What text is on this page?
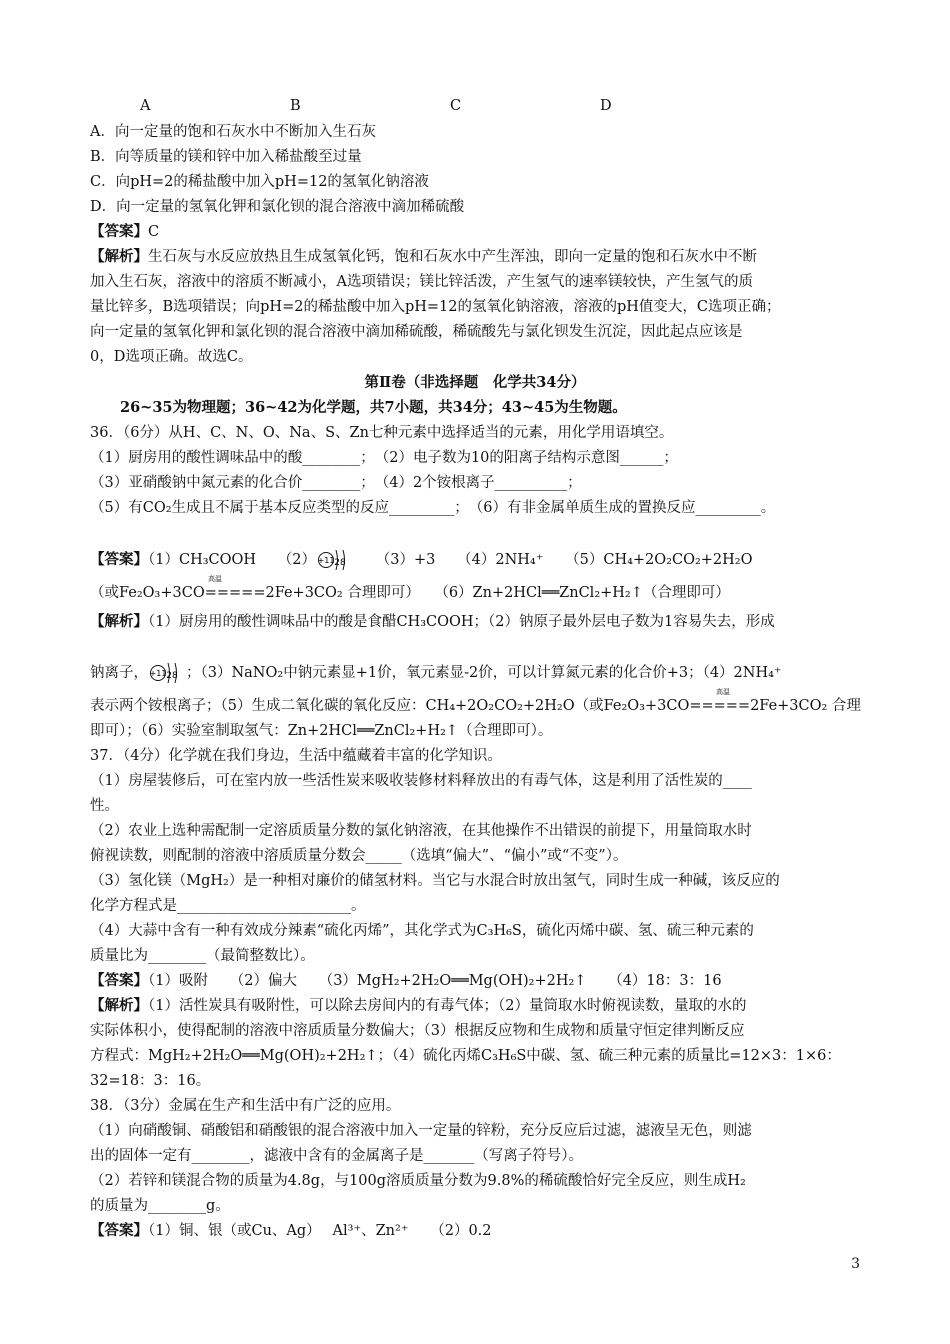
A	B	C	D
A．向一定量的饱和石灰水中不断加入生石灰
B．向等质量的镁和锌中加入稀盐酸至过量
C．向pH=2的稀盐酸中加入pH=12的氢氧化钠溶液
D．向一定量的氢氧化钾和氯化钡的混合溶液中滴加稀硫酸
【答案】C
【解析】生石灰与水反应放热且生成氢氧化钙，饱和石灰水中产生浑浊，即向一定量的饱和石灰水中不断
加入生石灰，溶液中的溶质不断减小，A选项错误；镁比锌活泼，产生氢气的速率镁较快，产生氢气的质
量比锌多，B选项错误；向pH=2的稀盐酸中加入pH=12的氢氧化钠溶液，溶液的pH值变大，C选项正确；
向一定量的氢氧化钾和氯化钡的混合溶液中滴加稀硫酸，稀硫酸先与氯化钡发生沉淀，因此起点应该是
0，D选项正确。故选C。
第Ⅱ卷（非选择题　化学共34分）
26~35为物理题；36~42为化学题，共7小题，共34分；43~45为生物题。
36．（6分）从H、C、N、O、Na、S、Zn七种元素中选择适当的元素，用化学用语填空。
（1）厨房用的酸性调味品中的酸________；　（2）电子数为10的阳离子结构示意图______；
（3）亚硝酸钠中氮元素的化合价________；　（4）2个铵根离子__________；
（5）有CO₂生成且不属于基本反应类型的反应_________；　（6）有非金属单质生成的置换反应_________。
【答案】（1）CH₃COOH　　（2） +11 28 　　（3）+3　　（4）2NH₄⁺　　（5）CH₄+2O₂CO₂+2H₂O
（或Fe₂O₃+3CO=====2Fe+3CO₂ 合理即可）　　（6）Zn+2HCl══ZnCl₂+H₂↑（合理即可）
高温
【解析】（1）厨房用的酸性调味品中的酸是食醋CH₃COOH；（2）钠原子最外层电子数为1容易失去，形成
钠离子， +11 28 ；（3）NaNO₂中钠元素显+1价，氧元素显-2价，可以计算氮元素的化合价+3；（4）2NH₄⁺
表示两个铵根离子；（5）生成二氧化碳的氧化反应：CH₄+2O₂CO₂+2H₂O（或Fe₂O₃+3CO=====2Fe+3CO₂ 合理
高温
即可）；（6）实验室制取氢气：Zn+2HCl══ZnCl₂+H₂↑（合理即可）。
37．（4分）化学就在我们身边，生活中蕴藏着丰富的化学知识。
（1）房屋装修后，可在室内放一些活性炭来吸收装修材料释放出的有毒气体，这是利用了活性炭的____
性。
（2）农业上选种需配制一定溶质质量分数的氯化钠溶液，在其他操作不出错误的前提下，用量筒取水时
俯视读数，则配制的溶液中溶质质量分数会_____（选填“偏大”、“偏小”或“不变”）。
（3）氢化镁（MgH₂）是一种相对廉价的储氢材料。当它与水混合时放出氢气，同时生成一种碱，该反应的
化学方程式是________________________。
（4）大蒜中含有一种有效成分辣素“硫化丙烯”，其化学式为C₃H₆S，硫化丙烯中碳、氢、硫三种元素的
质量比为________（最简整数比）。
【答案】（1）吸附　　（2）偏大　　（3）MgH₂+2H₂O══Mg(OH)₂+2H₂↑　　（4）18：3：16
【解析】（1）活性炭具有吸附性，可以除去房间内的有毒气体；（2）量筒取水时俯视读数，量取的水的
实际体积小，使得配制的溶液中溶质质量分数偏大；（3）根据反应物和生成物和质量守恒定律判断反应
方程式：MgH₂+2H₂O══Mg(OH)₂+2H₂↑；（4）硫化丙烯C₃H₆S中碳、氢、硫三种元素的质量比=12×3：1×6：
32=18：3：16。
38．（3分）金属在生产和生活中有广泛的应用。
（1）向硝酸铜、硝酸铝和硝酸银的混合溶液中加入一定量的锌粉，充分反应后过滤，滤液呈无色，则滤
出的固体一定有________，滤液中含有的金属离子是_______（写离子符号）。
（2）若锌和镁混合物的质量为4.8g，与100g溶质质量分数为9.8%的稀硫酸恰好完全反应，则生成H₂
的质量为________g。
【答案】（1）铜、银（或Cu、Ag）　 Al³⁺、Zn²⁺　　（2）0.2
3
